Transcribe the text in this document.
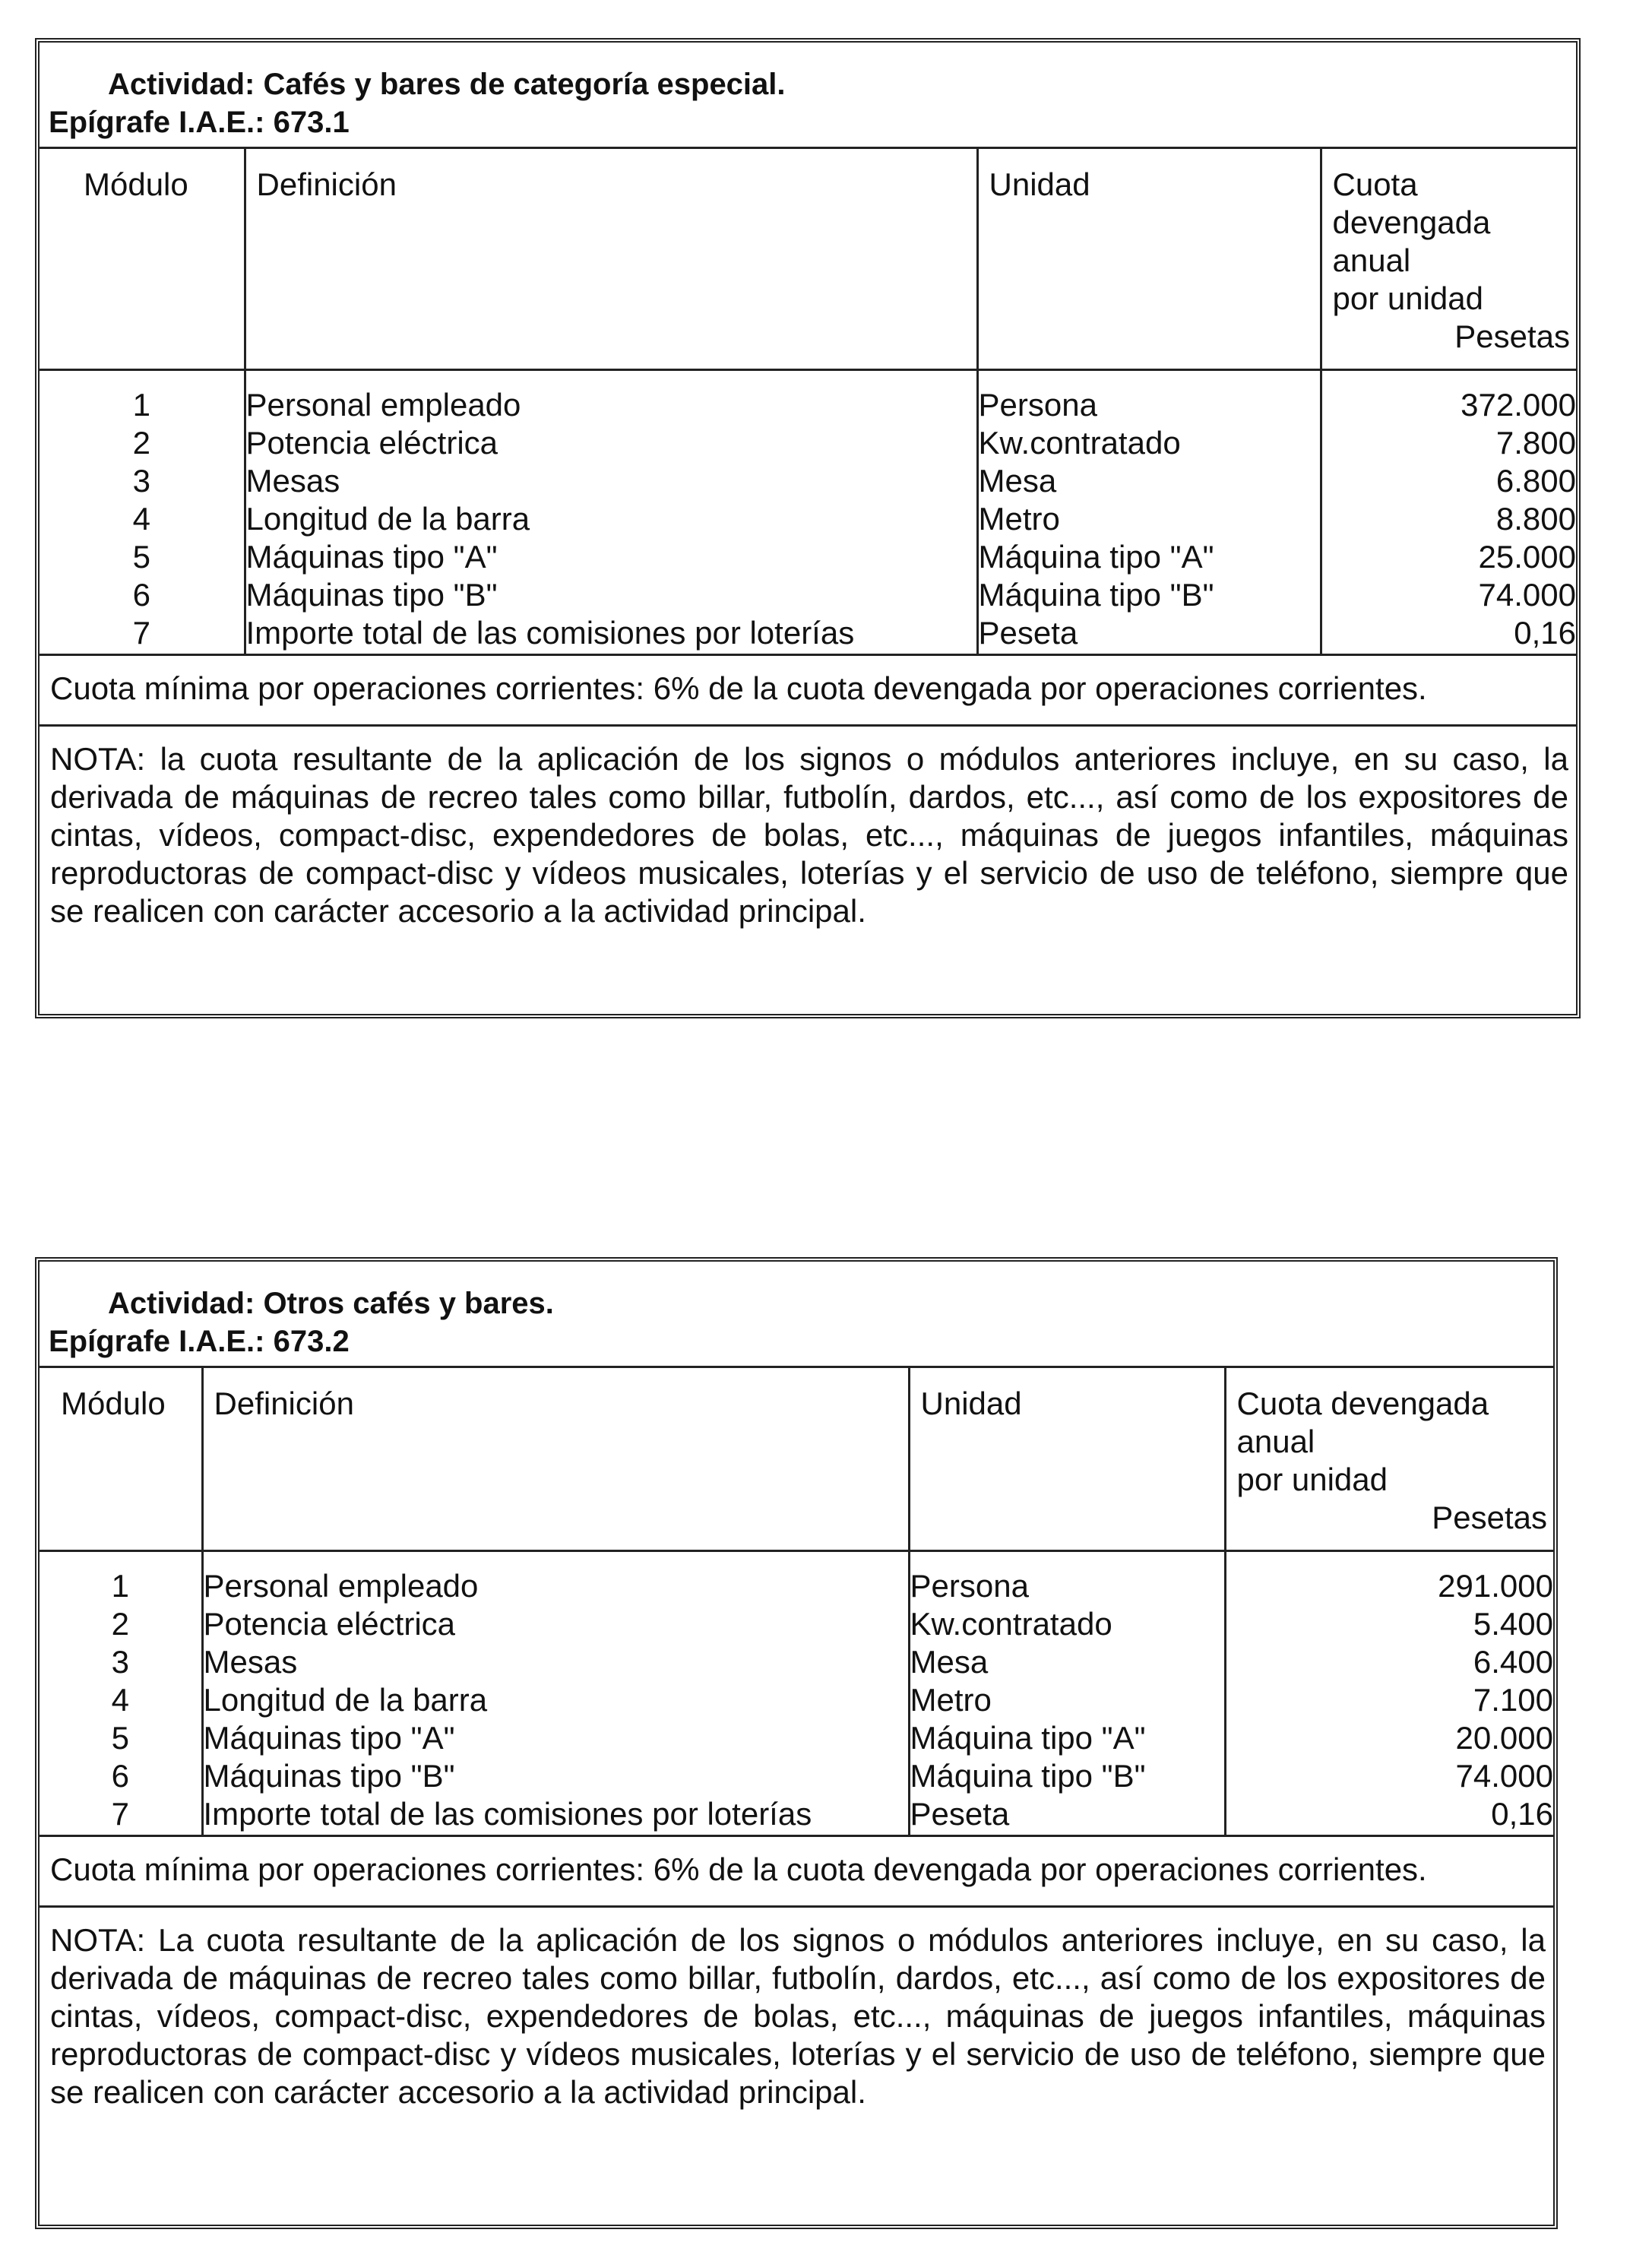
Actividad: Cafés y bares de categoría especial.
Epígrafe I.A.E.: 673.1
Módulo	Definición	Unidad	Cuota
devengada
anual
por unidad
Pesetas

1	Personal empleado	Persona	372.000
2	Potencia eléctrica	Kw.contratado	7.800
3	Mesas	Mesa	6.800
4	Longitud de la barra	Metro	8.800
5	Máquinas tipo "A"	Máquina tipo "A"	25.000
6	Máquinas tipo "B"	Máquina tipo "B"	74.000
7	Importe total de las comisiones por loterías	Peseta	0,16
Cuota mínima por operaciones corrientes: 6% de la cuota devengada por operaciones corrientes.
NOTA: la cuota resultante de la aplicación de los signos o módulos anteriores incluye, en su caso, la derivada de máquinas de recreo tales como billar, futbolín, dardos, etc..., así como de los expositores de cintas, vídeos, compact-disc, expendedores de bolas, etc..., máquinas de juegos infantiles, máquinas reproductoras de compact-disc y vídeos musicales, loterías y el servicio de uso de teléfono, siempre que se realicen con carácter accesorio a la actividad principal.
Actividad: Otros cafés y bares.
Epígrafe I.A.E.: 673.2
Módulo	Definición	Unidad	Cuota devengada
anual
por unidad
Pesetas

1	Personal empleado	Persona	291.000
2	Potencia eléctrica	Kw.contratado	5.400
3	Mesas	Mesa	6.400
4	Longitud de la barra	Metro	7.100
5	Máquinas tipo "A"	Máquina tipo "A"	20.000
6	Máquinas tipo "B"	Máquina tipo "B"	74.000
7	Importe total de las comisiones por loterías	Peseta	0,16
Cuota mínima por operaciones corrientes: 6% de la cuota devengada por operaciones corrientes.
NOTA: La cuota resultante de la aplicación de los signos o módulos anteriores incluye, en su caso, la derivada de máquinas de recreo tales como billar, futbolín, dardos, etc..., así como de los expositores de cintas, vídeos, compact-disc, expendedores de bolas, etc..., máquinas de juegos infantiles, máquinas reproductoras de compact-disc y vídeos musicales, loterías y el servicio de uso de teléfono, siempre que se realicen con carácter accesorio a la actividad principal.
